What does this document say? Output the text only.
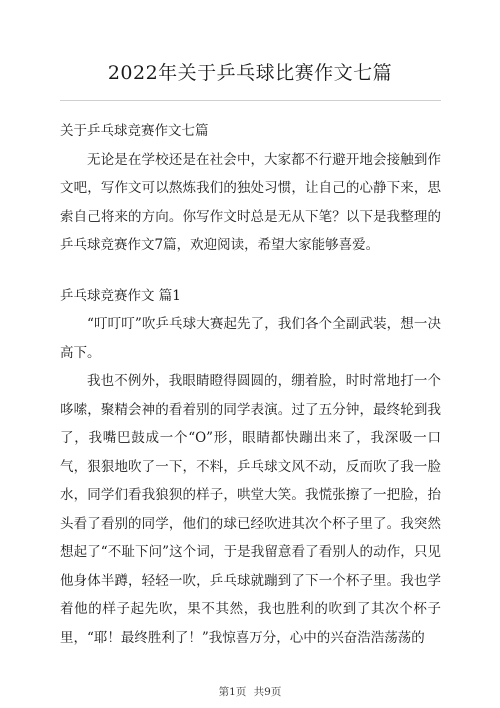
2022年关于乒乓球比赛作文七篇

关于乒乓球竞赛作文七篇

无论是在学校还是在社会中，大家都不行避开地会接触到作文吧，写作文可以熬炼我们的独处习惯，让自己的心静下来，思索自己将来的方向。你写作文时总是无从下笔？以下是我整理的乒乓球竞赛作文7篇，欢迎阅读，希望大家能够喜爱。

乒乓球竞赛作文 篇1

“叮叮叮”吹乒乓球大赛起先了，我们各个全副武装，想一决高下。

我也不例外，我眼睛瞪得圆圆的，绷着脸，时时常地打一个哆嗦，聚精会神的看着别的同学表演。过了五分钟，最终轮到我了，我嘴巴鼓成一个“O”形，眼睛都快蹦出来了，我深吸一口气，狠狠地吹了一下，不料，乒乓球文风不动，反而吹了我一脸水，同学们看我狼狈的样子，哄堂大笑。我慌张擦了一把脸，抬头看了看别的同学，他们的球已经吹进其次个杯子里了。我突然想起了“不耻下问”这个词，于是我留意看了看别人的动作，只见他身体半蹲，轻轻一吹，乒乓球就蹦到了下一个杯子里。我也学着他的样子起先吹，果不其然，我也胜利的吹到了其次个杯子里，“耶！最终胜利了！”我惊喜万分，心中的兴奋浩浩荡荡的

第1页 共9页
